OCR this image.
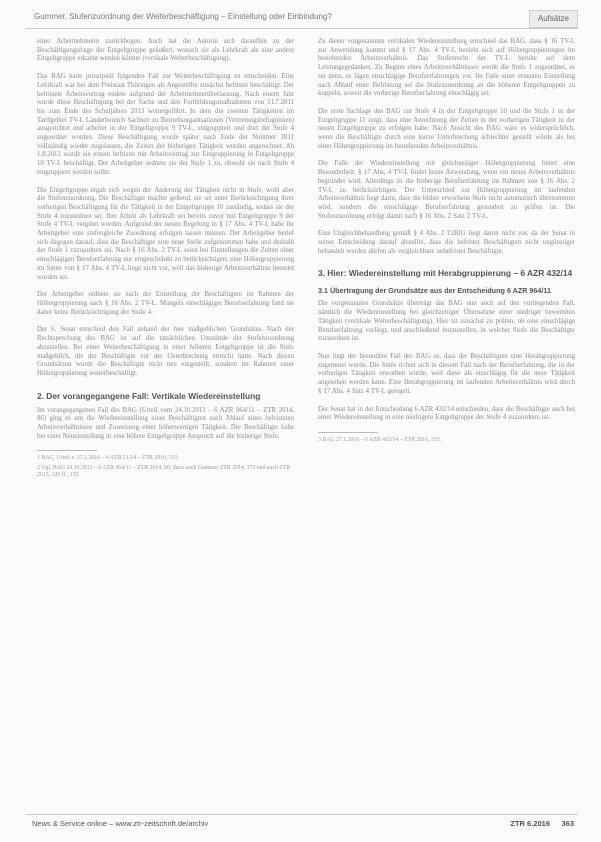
Gummer, Stufenzuordnung der Weiterbeschäftigung – Einstellung oder Einbindung?	Aufsätze

einer Arbeitnehmerin zurückbogen. Auch hat die Autorin sich daraufhin zu der Beschäftigungsfrage der Entgeltgruppe geäußert, wonach sie als Lehrkraft als eine andere Entgeltgruppe erkannt werden könnte (vertikale Weiterbeschäftigung).

Das BAG hatte prinzipiell folgenden Fall zur Weiterbeschäftigung zu entscheiden. Eine Lehrkraft war bei dem Freistaat Thüringen als Angestellte zunächst befristet beschäftigt. Der befristete Arbeitsvertrag endete aufgrund der Arbeitnehmerüberlassung. Nach einem Jahr wurde diese Beschäftigung bei der Sache und den Fortbildungsmaßnahmen von 31.7.2011 bis zum Ende des Schuljahres 2013 weitergeführt. In dem die zweiten Tätigkeiten im Tarifgebiet TV-L Länderbereich Sachsen zu Betriebsorganisationen (Vertretungsbefugnissen) ausgerichtet und arbeitet in der Entgeltgruppe 9 TV-L, eingruppiert und dort der Stufe 4 zugeordnet worden. Diese Beschäftigung wurde später nach Ende der Nummer 2011 vollständig wieder zugelassen, die Zeiten der bisherigen Tätigkeit wurden angerechnet. Ab 1.8.2012 wurde sie erneut befristet mit Arbeitsvertrag zur Eingruppierung in Entgeltgruppe 10 TV-L beschäftigt. Der Arbeitgeber ordnete sie der Stufe 1 zu, obwohl sie nach Stufe 4 eingruppiert werden sollte.

Die Entgeltgruppe ergab sich wegen der Änderung der Tätigkeit nicht in Stufe, wohl aber die Stufenzuordnung. Die Beschäftigte machte geltend, sie sei unter Berücksichtigung ihrer vorherigen Beschäftigung für die Tätigkeit in der Entgeltgruppe 10 zuständig, sodass sie der Stufe 4 zuzuordnen sei. Ihre Arbeit als Lehrkraft sei bereits zuvor mit Entgeltgruppe 9 der Stufe 4 TV-L vergütet worden. Aufgrund der neuen Regelung in § 17 Abs. 4 TV-L habe ihr Arbeitgeber eine stufengleiche Zuordnung erfolgen lassen müssen. Der Arbeitgeber berief sich dagegen darauf, dass die Beschäftigte eine neue Stelle aufgenommen habe und deshalb der Stufe 1 zuzuordnen sei. Nach § 16 Abs. 2 TV-L seien bei Einstellungen die Zeiten einer einschlägigen Berufserfahrung nur eingeschränkt zu berücksichtigen; eine Höhergruppierung im Sinne von § 17 Abs. 4 TV-L liege nicht vor, weil das bisherige Arbeitsverhältnis beendet worden sei.

Der Arbeitgeber ordnete sie nach der Einstellung der Beschäftigten im Rahmen der Höhergruppierung nach § 16 Abs. 2 TV-L. Mangels einschlägiger Berufserfahrung fand sie daher keine Berücksichtigung der Stufe 4.

Der 6. Senat entschied den Fall anhand der hier maßgeblichen Grundsätze. Nach der Rechtsprechung des BAG ist auf die tatsächlichen Umstände der Stufenzuordnung abzustellen. Bei einer Weiterbeschäftigung in einer höheren Entgeltgruppe ist die Stufe maßgeblich, die der Beschäftigte vor der Unterbrechung erreicht hatte. Nach diesen Grundsätzen wurde die Beschäftigte nicht neu eingestellt, sondern im Rahmen einer Höhergruppierung weiterbeschäftigt.

2. Der vorangegangene Fall: Vertikale Wiedereinstellung

Im vorangegangenen Fall des BAG (Urteil vom 24.10.2013 – 6 AZR 964/11 – ZTR 2014, 86) ging es um die Wiedereinstellung einer Beschäftigten nach Ablauf eines befristeten Arbeitsverhältnisses und Zuweisung einer höherwertigen Tätigkeit. Die Beschäftigte habe bei einer Neueinstellung in eine höhere Entgeltgruppe Anspruch auf die bisherige Stufe.

1 BAG, Urteil v. 27.1.2016 – 6 AZR 21/14 – ZTR 2016, 333.

2 Vgl. BAG 24.10.2013 – 6 AZR 964/11 – ZTR 2014, 86; dazu auch Gummer ZTR 2014, 373 und auch ZTR 2015, 126 ff., 135.

Zu dieser vorgenannten vertikalen Wiedereinstellung entschied das BAG, dass § 16 TV-L zur Anwendung kommt und § 17 Abs. 4 TV-L bezieht sich auf Höhergruppierungen im bestehenden Arbeitsverhältnis. Das Stufenrecht der TV-L beruhe auf dem Leistungsgedanken. Zu Beginn eines Arbeitsverhältnisses werde die Stufe 1 zugeordnet, es sei denn, es lägen einschlägige Berufserfahrungen vor. Im Falle einer erneuten Einstellung nach Ablauf einer Befristung sei die Stufenzuordnung an die höheren Entgeltgruppen zu koppeln, soweit die vorherige Berufserfahrung einschlägig sei.

Die erste Sachlage des BAG zur Stufe 4 in der Entgeltgruppe 10 und die Stufe 1 in der Entgeltgruppe 11 zeigt, dass eine Anrechnung der Zeiten in der vorherigen Tätigkeit in der neuen Entgeltgruppe zu erfolgen habe. Nach Ansicht des BAG wäre es widersprüchlich, wenn die Beschäftigte durch eine kurze Unterbrechung schlechter gestellt würde als bei einer Höhergruppierung im bestehenden Arbeitsverhältnis.

Die Falle der Wiedereinstellung mit gleichzeitiger Höhergruppierung bietet eine Besonderheit: § 17 Abs. 4 TV-L findet keine Anwendung, wenn ein neues Arbeitsverhältnis begründet wird. Allerdings ist die bisherige Berufserfahrung im Rahmen von § 16 Abs. 2 TV-L zu berücksichtigen. Der Unterschied zur Höhergruppierung im laufenden Arbeitsverhältnis liegt darin, dass die bisher erworbene Stufe nicht automatisch übernommen wird, sondern die einschlägige Berufserfahrung gesondert zu prüfen ist. Die Stufenzuordnung erfolgt damit nach § 16 Abs. 2 Satz 2 TV-L.

Eine Ungleichbehandlung gemäß § 4 Abs. 2 TzBfG liegt damit nicht vor, da der Senat in seiner Entscheidung darauf abstellte, dass die befristet Beschäftigten nicht ungünstiger behandelt werden dürfen als vergleichbare unbefristet Beschäftigte.

3. Hier: Wiedereinstellung mit Herabgruppierung – 6 AZR 432/14
3.1 Übertragung der Grundsätze aus der Entscheidung 6 AZR 964/11

Die vorgenannten Grundsätze überträgt das BAG nun auch auf den vorliegenden Fall, nämlich die Wiedereinstellung bei gleichzeitiger Übernahme einer niedriger bewerteten Tätigkeit (vertikale Weiterbeschäftigung). Hier ist zunächst zu prüfen, ob eine einschlägige Berufserfahrung vorliegt, und anschließend festzustellen, in welcher Stufe die Beschäftigte zuzuordnen ist.

Nun liegt der besondere Fall des BAG so, dass der Beschäftigten eine Herabgruppierung zugemutet wurde. Die Stufe richtet sich in diesem Fall nach der Berufserfahrung, die in der vorherigen Tätigkeit erworben wurde, weil diese als einschlägig für die neue Tätigkeit angesehen werden kann. Eine Herabgruppierung im laufenden Arbeitsverhältnis wird durch § 17 Abs. 4 Satz 4 TV-L geregelt.

Der Senat hat in der Entscheidung 6 AZR 432/14 entschieden, dass die Beschäftigte auch bei einer Wiedereinstellung in eine niedrigere Entgeltgruppe der Stufe 4 zuzuordnen ist.

3 BAG 27.1.2016 – 6 AZR 432/14 – ZTR 2016, 333.

News & Service online – www.ztr-zeitschrift.de/archiv	ZTR 6.2016 363
